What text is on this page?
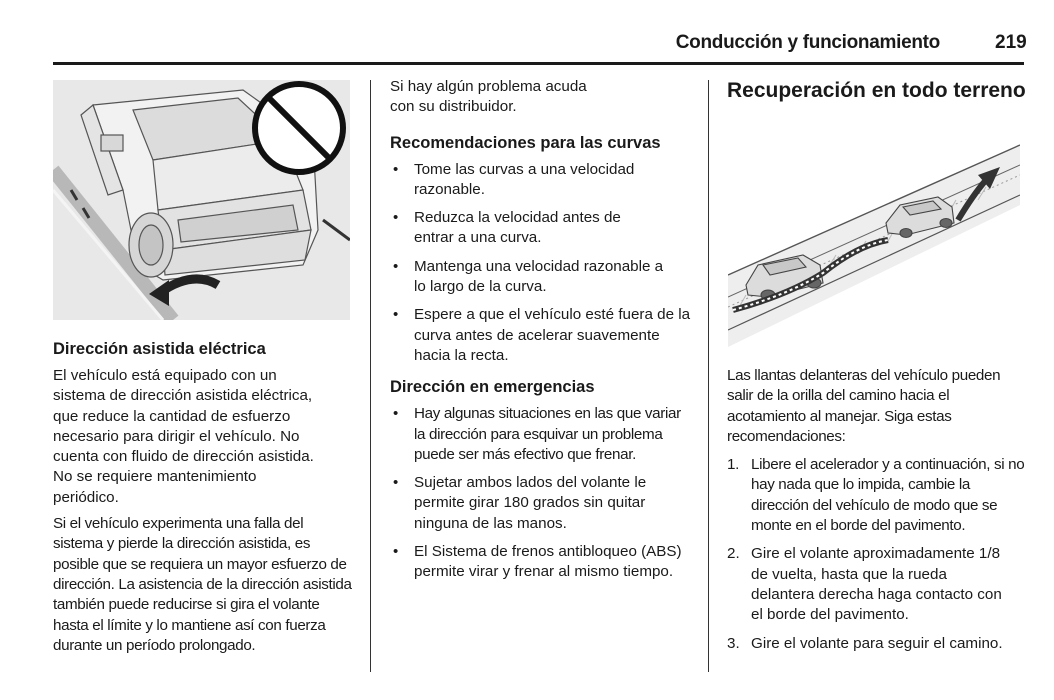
Conducción y funcionamiento	219
Dirección asistida eléctrica

El vehículo está equipado con un sistema de dirección asistida eléctrica, que reduce la cantidad de esfuerzo necesario para dirigir el vehículo. No cuenta con fluido de dirección asistida. No se requiere mantenimiento periódico.

Si el vehículo experimenta una falla del sistema y pierde la dirección asistida, es posible que se requiera un mayor esfuerzo de dirección. La asistencia de la dirección asistida también puede reducirse si gira el volante hasta el límite y lo mantiene así con fuerza durante un período prolongado.

Si hay algún problema acuda con su distribuidor.

Recomendaciones para las curvas
• Tome las curvas a una velocidad razonable.
• Reduzca la velocidad antes de entrar a una curva.
• Mantenga una velocidad razonable a lo largo de la curva.
• Espere a que el vehículo esté fuera de la curva antes de acelerar suavemente hacia la recta.
Dirección en emergencias
• Hay algunas situaciones en las que variar la dirección para esquivar un problema puede ser más efectivo que frenar.
• Sujetar ambos lados del volante le permite girar 180 grados sin quitar ninguna de las manos.
• El Sistema de frenos antibloqueo (ABS) permite virar y frenar al mismo tiempo.
Recuperación en todo terreno

Las llantas delanteras del vehículo pueden salir de la orilla del camino hacia el acotamiento al manejar. Siga estas recomendaciones:

1. Libere el acelerador y a continuación, si no hay nada que lo impida, cambie la dirección del vehículo de modo que se monte en el borde del pavimento.
2. Gire el volante aproximadamente 1/8 de vuelta, hasta que la rueda delantera derecha haga contacto con el borde del pavimento.
3. Gire el volante para seguir el camino.
